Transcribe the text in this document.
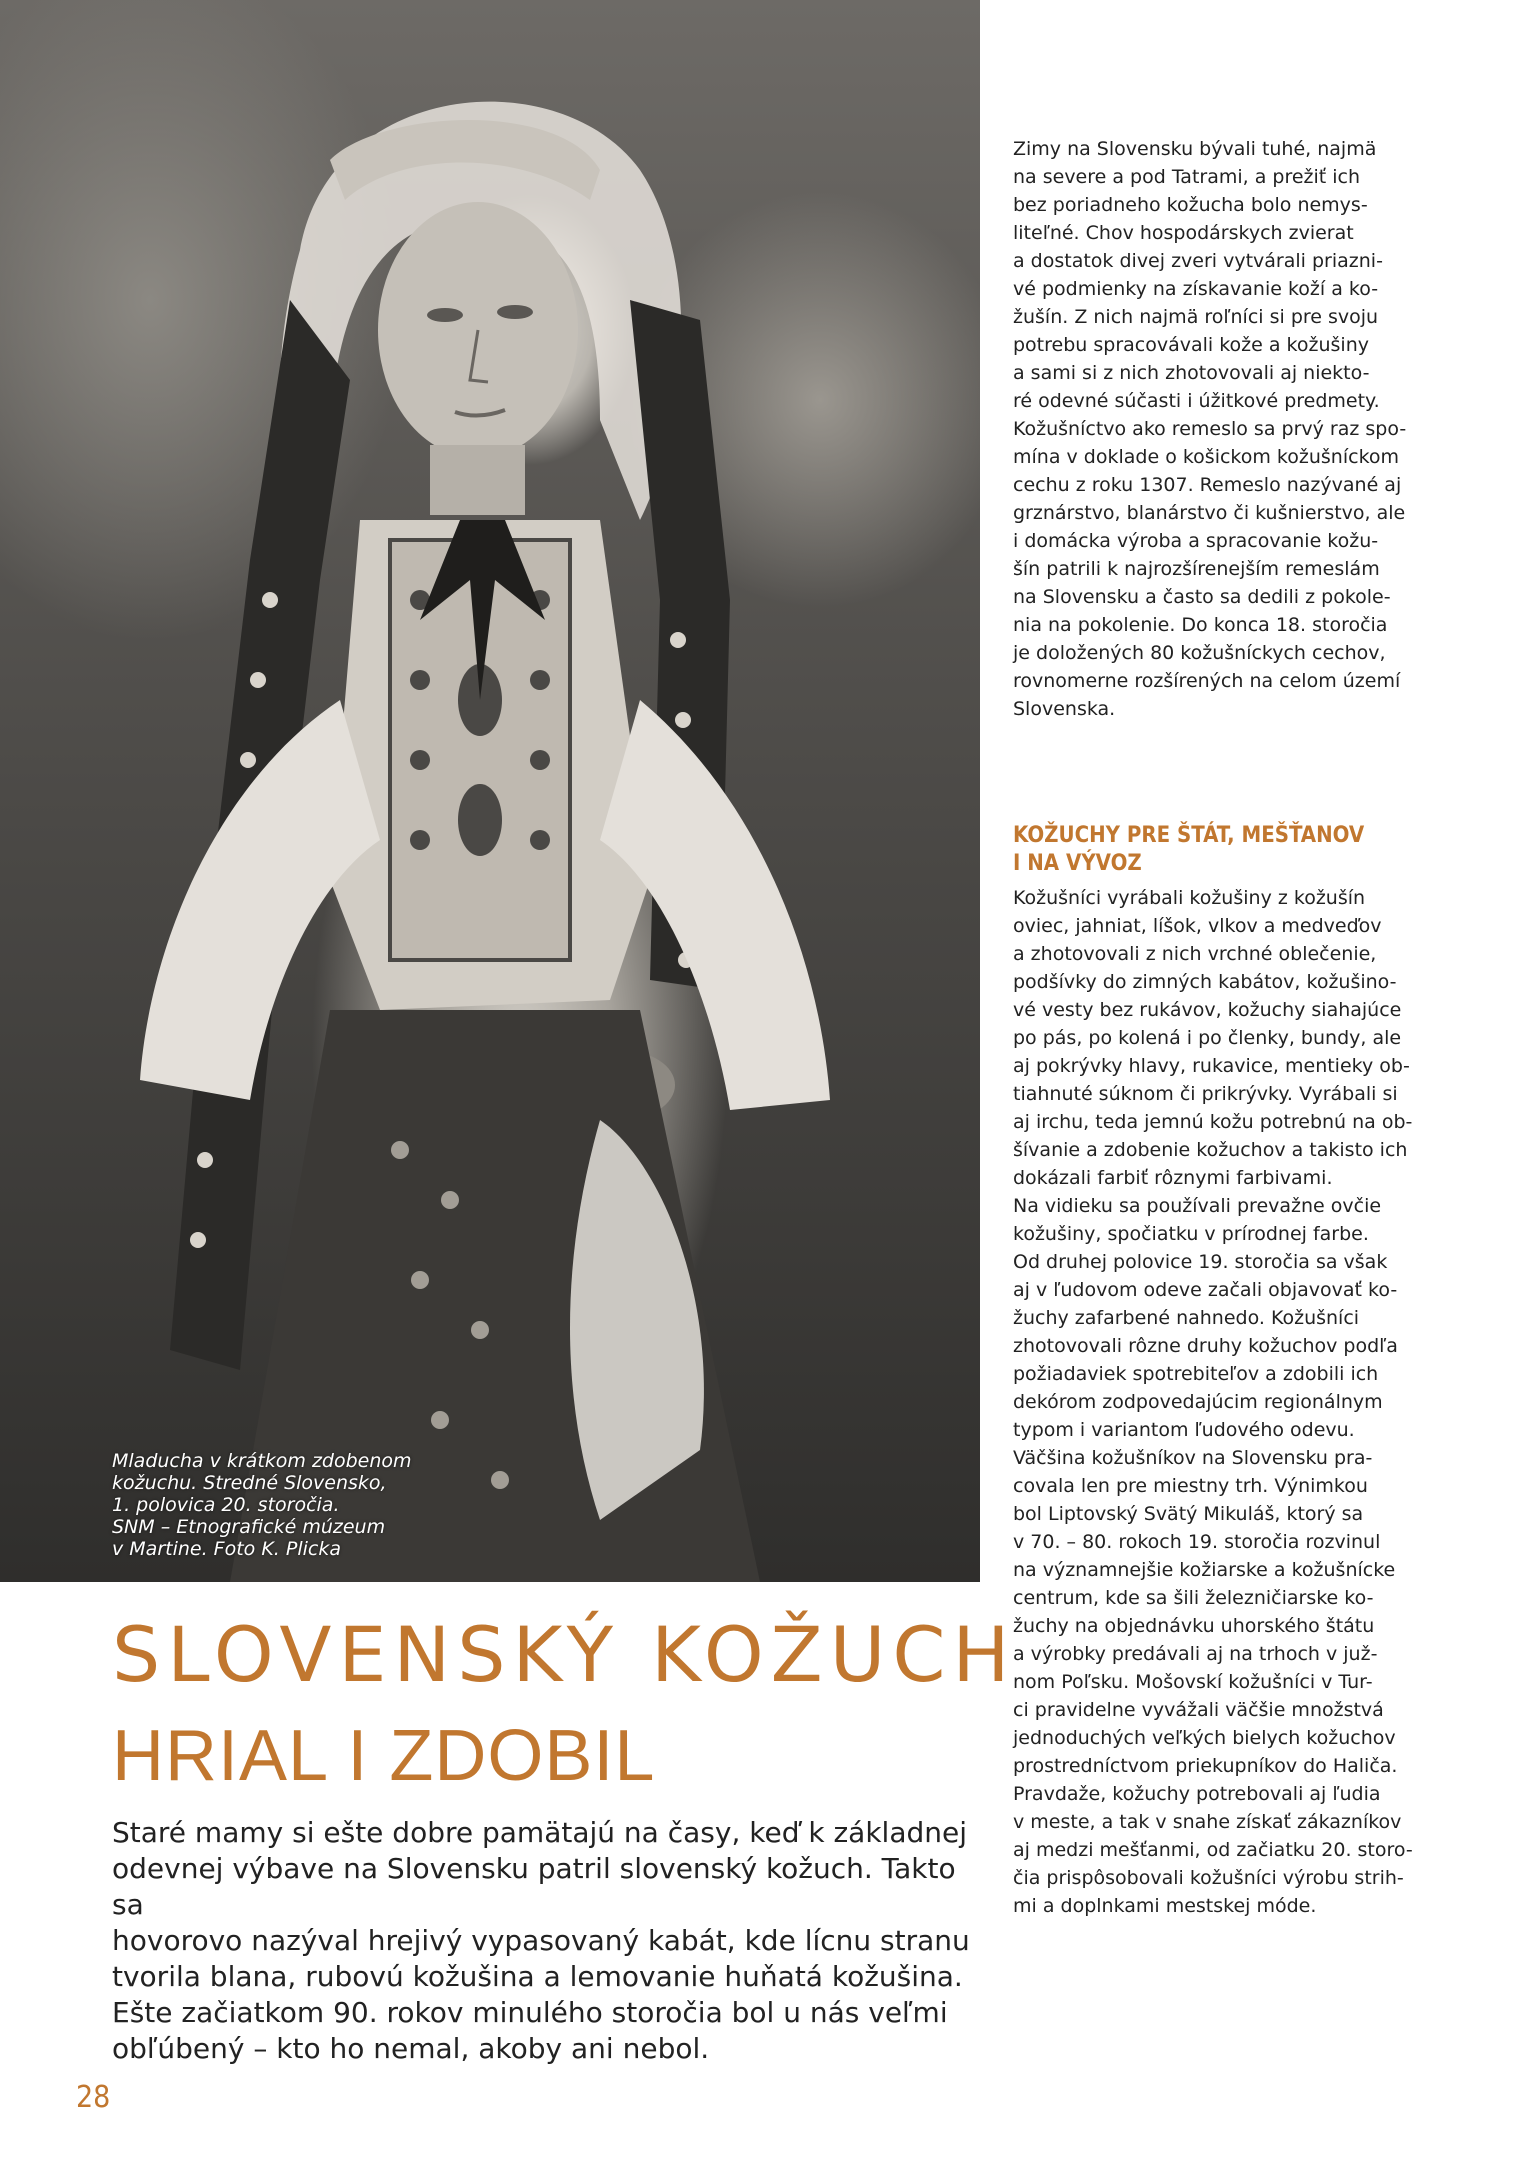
Mladucha v krátkom zdobenom
kožuchu. Stredné Slovensko,
1. polovica 20. storočia.
SNM – Etnografické múzeum
v Martine. Foto K. Plicka
SLOVENSKÝ KOŽUCH
HRIAL I ZDOBIL
Staré mamy si ešte dobre pamätajú na časy, keď k základnej
odevnej výbave na Slovensku patril slovenský kožuch. Takto sa
hovorovo nazýval hrejivý vypasovaný kabát, kde lícnu stranu
tvorila blana, rubovú kožušina a lemovanie huňatá kožušina.
Ešte začiatkom 90. rokov minulého storočia bol u nás veľmi
obľúbený – kto ho nemal, akoby ani nebol.
Zimy na Slovensku bývali tuhé, najmä
na severe a pod Tatrami, a prežiť ich
bez poriadneho kožucha bolo nemys-
liteľné. Chov hospodárskych zvierat
a dostatok divej zveri vytvárali priazni-
vé podmienky na získavanie koží a ko-
žušín. Z nich najmä roľníci si pre svoju
potrebu spracovávali kože a kožušiny
a sami si z nich zhotovovali aj niekto-
ré odevné súčasti i úžitkové predmety.
Kožušníctvo ako remeslo sa prvý raz spo-
mína v doklade o košickom kožušníckom
cechu z roku 1307. Remeslo nazývané aj
grznárstvo, blanárstvo či kušnierstvo, ale
i domácka výroba a spracovanie kožu-
šín patrili k najrozšírenejším remeslám
na Slovensku a často sa dedili z pokole-
nia na pokolenie. Do konca 18. storočia
je doložených 80 kožušníckych cechov,
rovnomerne rozšírených na celom území
Slovenska.
KOŽUCHY PRE ŠTÁT, MEŠŤANOV
I NA VÝVOZ
Kožušníci vyrábali kožušiny z kožušín
oviec, jahniat, líšok, vlkov a medveďov
a zhotovovali z nich vrchné oblečenie,
podšívky do zimných kabátov, kožušino-
vé vesty bez rukávov, kožuchy siahajúce
po pás, po kolená i po členky, bundy, ale
aj pokrývky hlavy, rukavice, mentieky ob-
tiahnuté súknom či prikrývky. Vyrábali si
aj irchu, teda jemnú kožu potrebnú na ob-
šívanie a zdobenie kožuchov a takisto ich
dokázali farbiť rôznymi farbivami.
Na vidieku sa používali prevažne ovčie
kožušiny, spočiatku v prírodnej farbe.
Od druhej polovice 19. storočia sa však
aj v ľudovom odeve začali objavovať ko-
žuchy zafarbené nahnedo. Kožušníci
zhotovovali rôzne druhy kožuchov podľa
požiadaviek spotrebiteľov a zdobili ich
dekórom zodpovedajúcim regionálnym
typom i variantom ľudového odevu.
Väčšina kožušníkov na Slovensku pra-
covala len pre miestny trh. Výnimkou
bol Liptovský Svätý Mikuláš, ktorý sa
v 70. – 80. rokoch 19. storočia rozvinul
na významnejšie kožiarske a kožušnícke
centrum, kde sa šili železničiarske ko-
žuchy na objednávku uhorského štátu
a výrobky predávali aj na trhoch v juž-
nom Poľsku. Mošovskí kožušníci v Tur-
ci pravidelne vyvážali väčšie množstvá
jednoduchých veľkých bielych kožuchov
prostredníctvom priekupníkov do Haliča.
Pravdaže, kožuchy potrebovali aj ľudia
v meste, a tak v snahe získať zákazníkov
aj medzi mešťanmi, od začiatku 20. storo-
čia prispôsobovali kožušníci výrobu strih-
mi a doplnkami mestskej móde.
28
